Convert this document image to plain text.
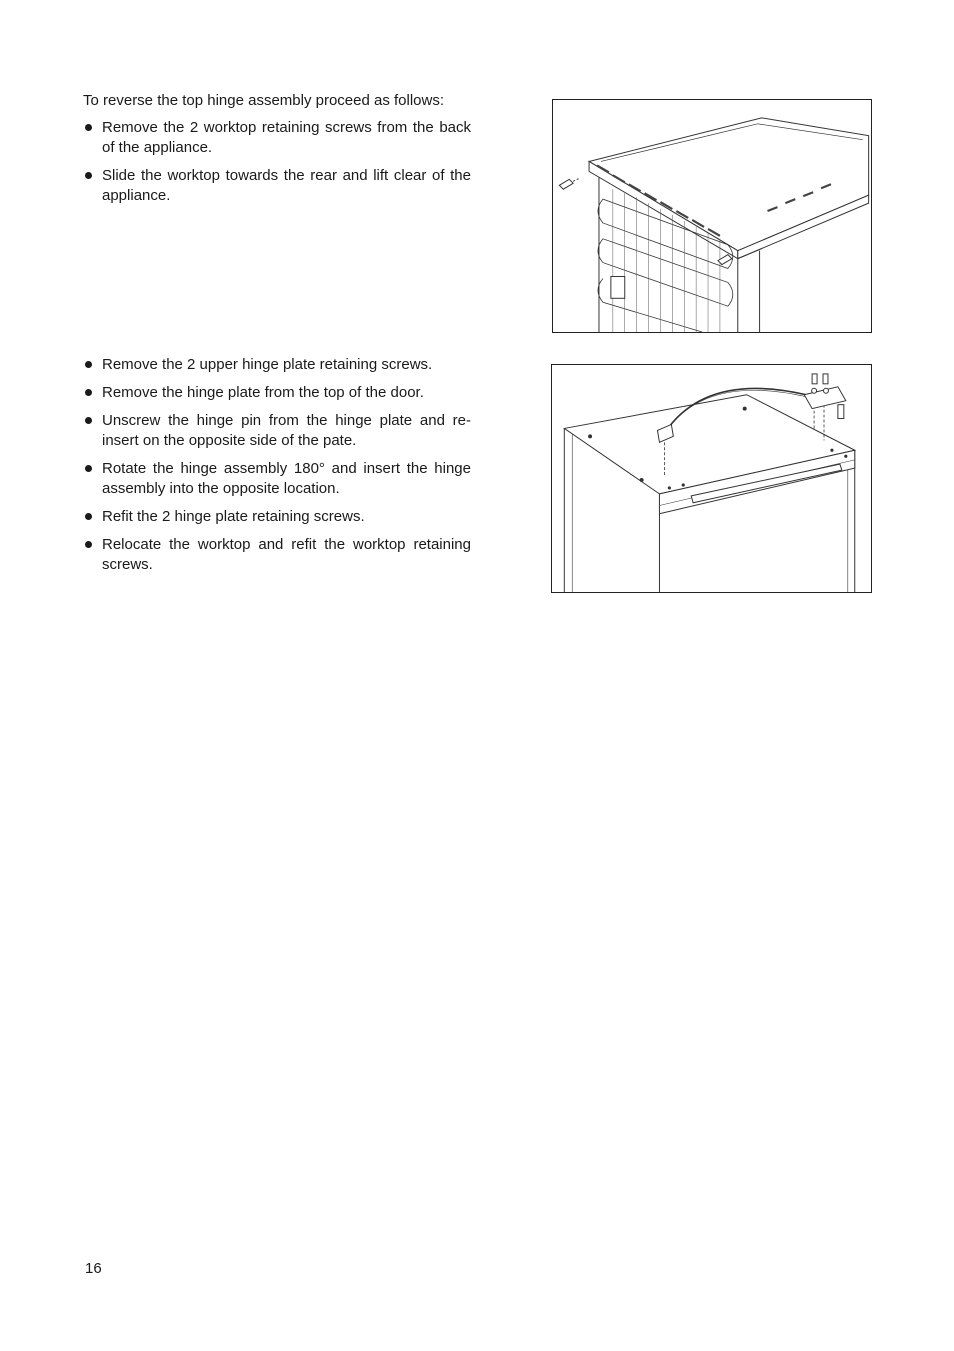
To reverse the top hinge assembly proceed as follows:

Remove the 2 worktop retaining screws from the back of the appliance.
Slide the worktop towards the rear and lift clear of the appliance.
Remove the 2 upper hinge plate retaining screws.
Remove the hinge plate from the top of the door.
Unscrew the hinge pin from the hinge plate and re-insert on the opposite side of the pate.
Rotate the hinge assembly 180° and insert the hinge assembly into the opposite location.
Refit the 2 hinge plate retaining screws.
Relocate the worktop and refit the worktop retaining screws.

16
